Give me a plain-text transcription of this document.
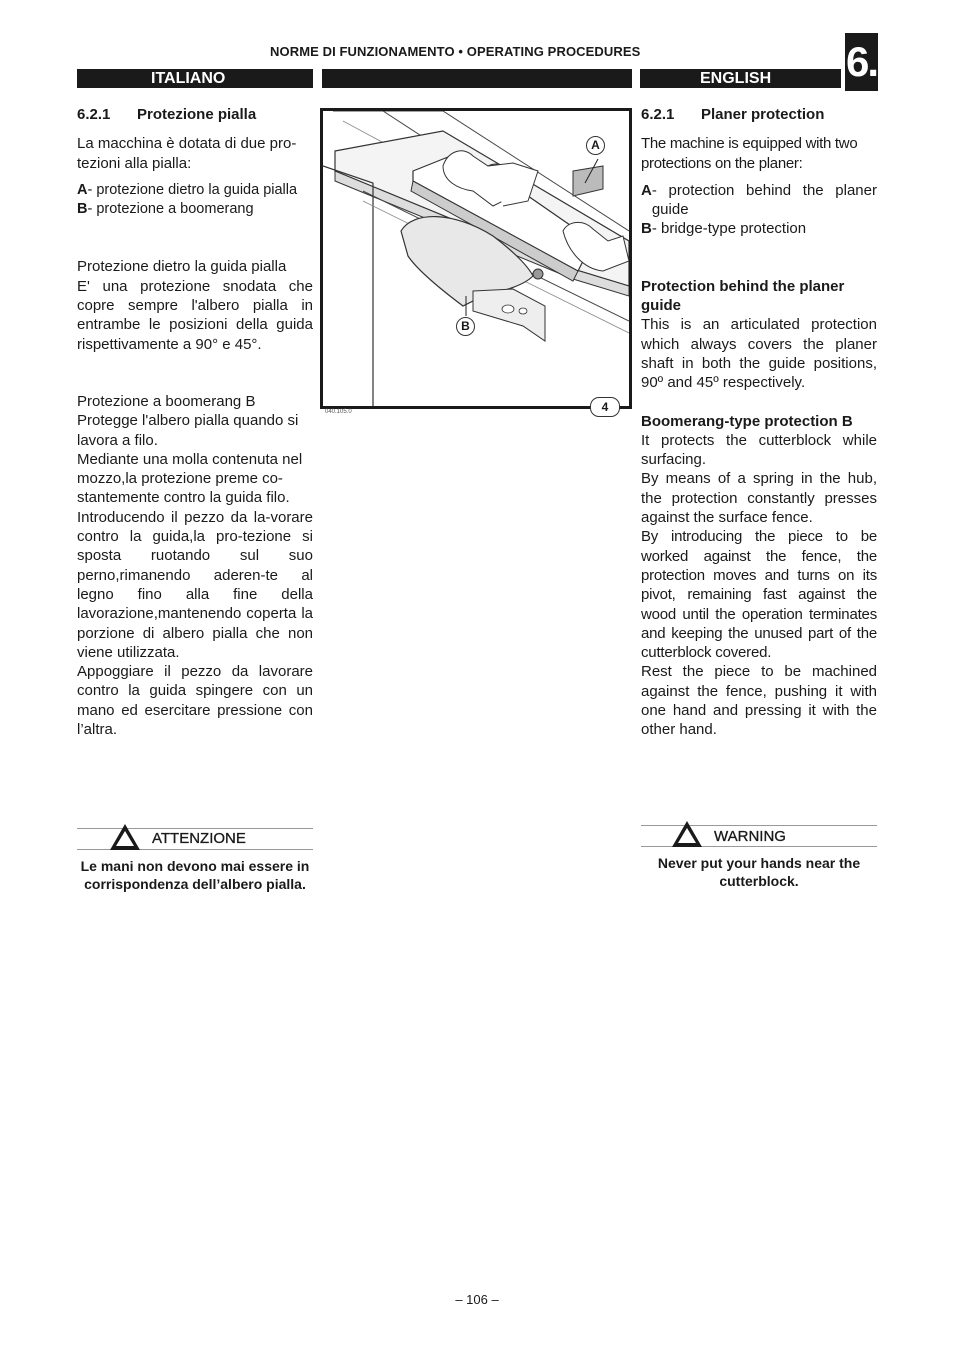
NORME DI FUNZIONAMENTO • OPERATING PROCEDURES	6.
ITALIANO	ENGLISH

6.2.1 Protezione pialla

La macchina è dotata di due pro-tezioni alla pialla:

A - protezione dietro la guida pialla
B - protezione a boomerang

Protezione dietro la guida pialla

E' una protezione snodata che copre sempre l'albero pialla in entrambe le posizioni della guida rispettivamente a 90° e 45°.

Protezione a boomerang B

Protegge l'albero pialla quando si lavora a filo.

Mediante una molla contenuta nel mozzo,la protezione preme co-stantemente contro la guida filo.

Introducendo il pezzo da la-vorare contro la guida,la pro-tezione si sposta ruotando sul suo perno,rimanendo aderen-te al legno fino alla fine della lavorazione,mantenendo coperta la porzione di albero pialla che non viene utilizzata.

Appoggiare il pezzo da lavorare contro la guida spingere con un mano ed esercitare pressione con l’altra.

ATTENZIONE
Le mani non devono mai essere in corrispondenza dell’albero pialla.
A
B
4
040.105.0

6.2.1 Planer protection

The machine is equipped with two protections on the planer:

A - protection behind the planer guide
B - bridge-type protection

Protection behind the planer guide

This is an articulated protection which always covers the planer shaft in both the guide positions, 90º and 45º respectively.

Boomerang-type protection B

It protects the cutterblock while surfacing.

By means of a spring in the hub, the protection constantly presses against the surface fence.

By introducing the piece to be worked against the fence, the protection moves and turns on its pivot, remaining fast against the wood until the operation terminates and keeping the unused part of the cutterblock covered.

Rest the piece to be machined against the fence, pushing it with one hand and pressing it with the other hand.

WARNING
Never put your hands near the cutterblock.
– 106 –
